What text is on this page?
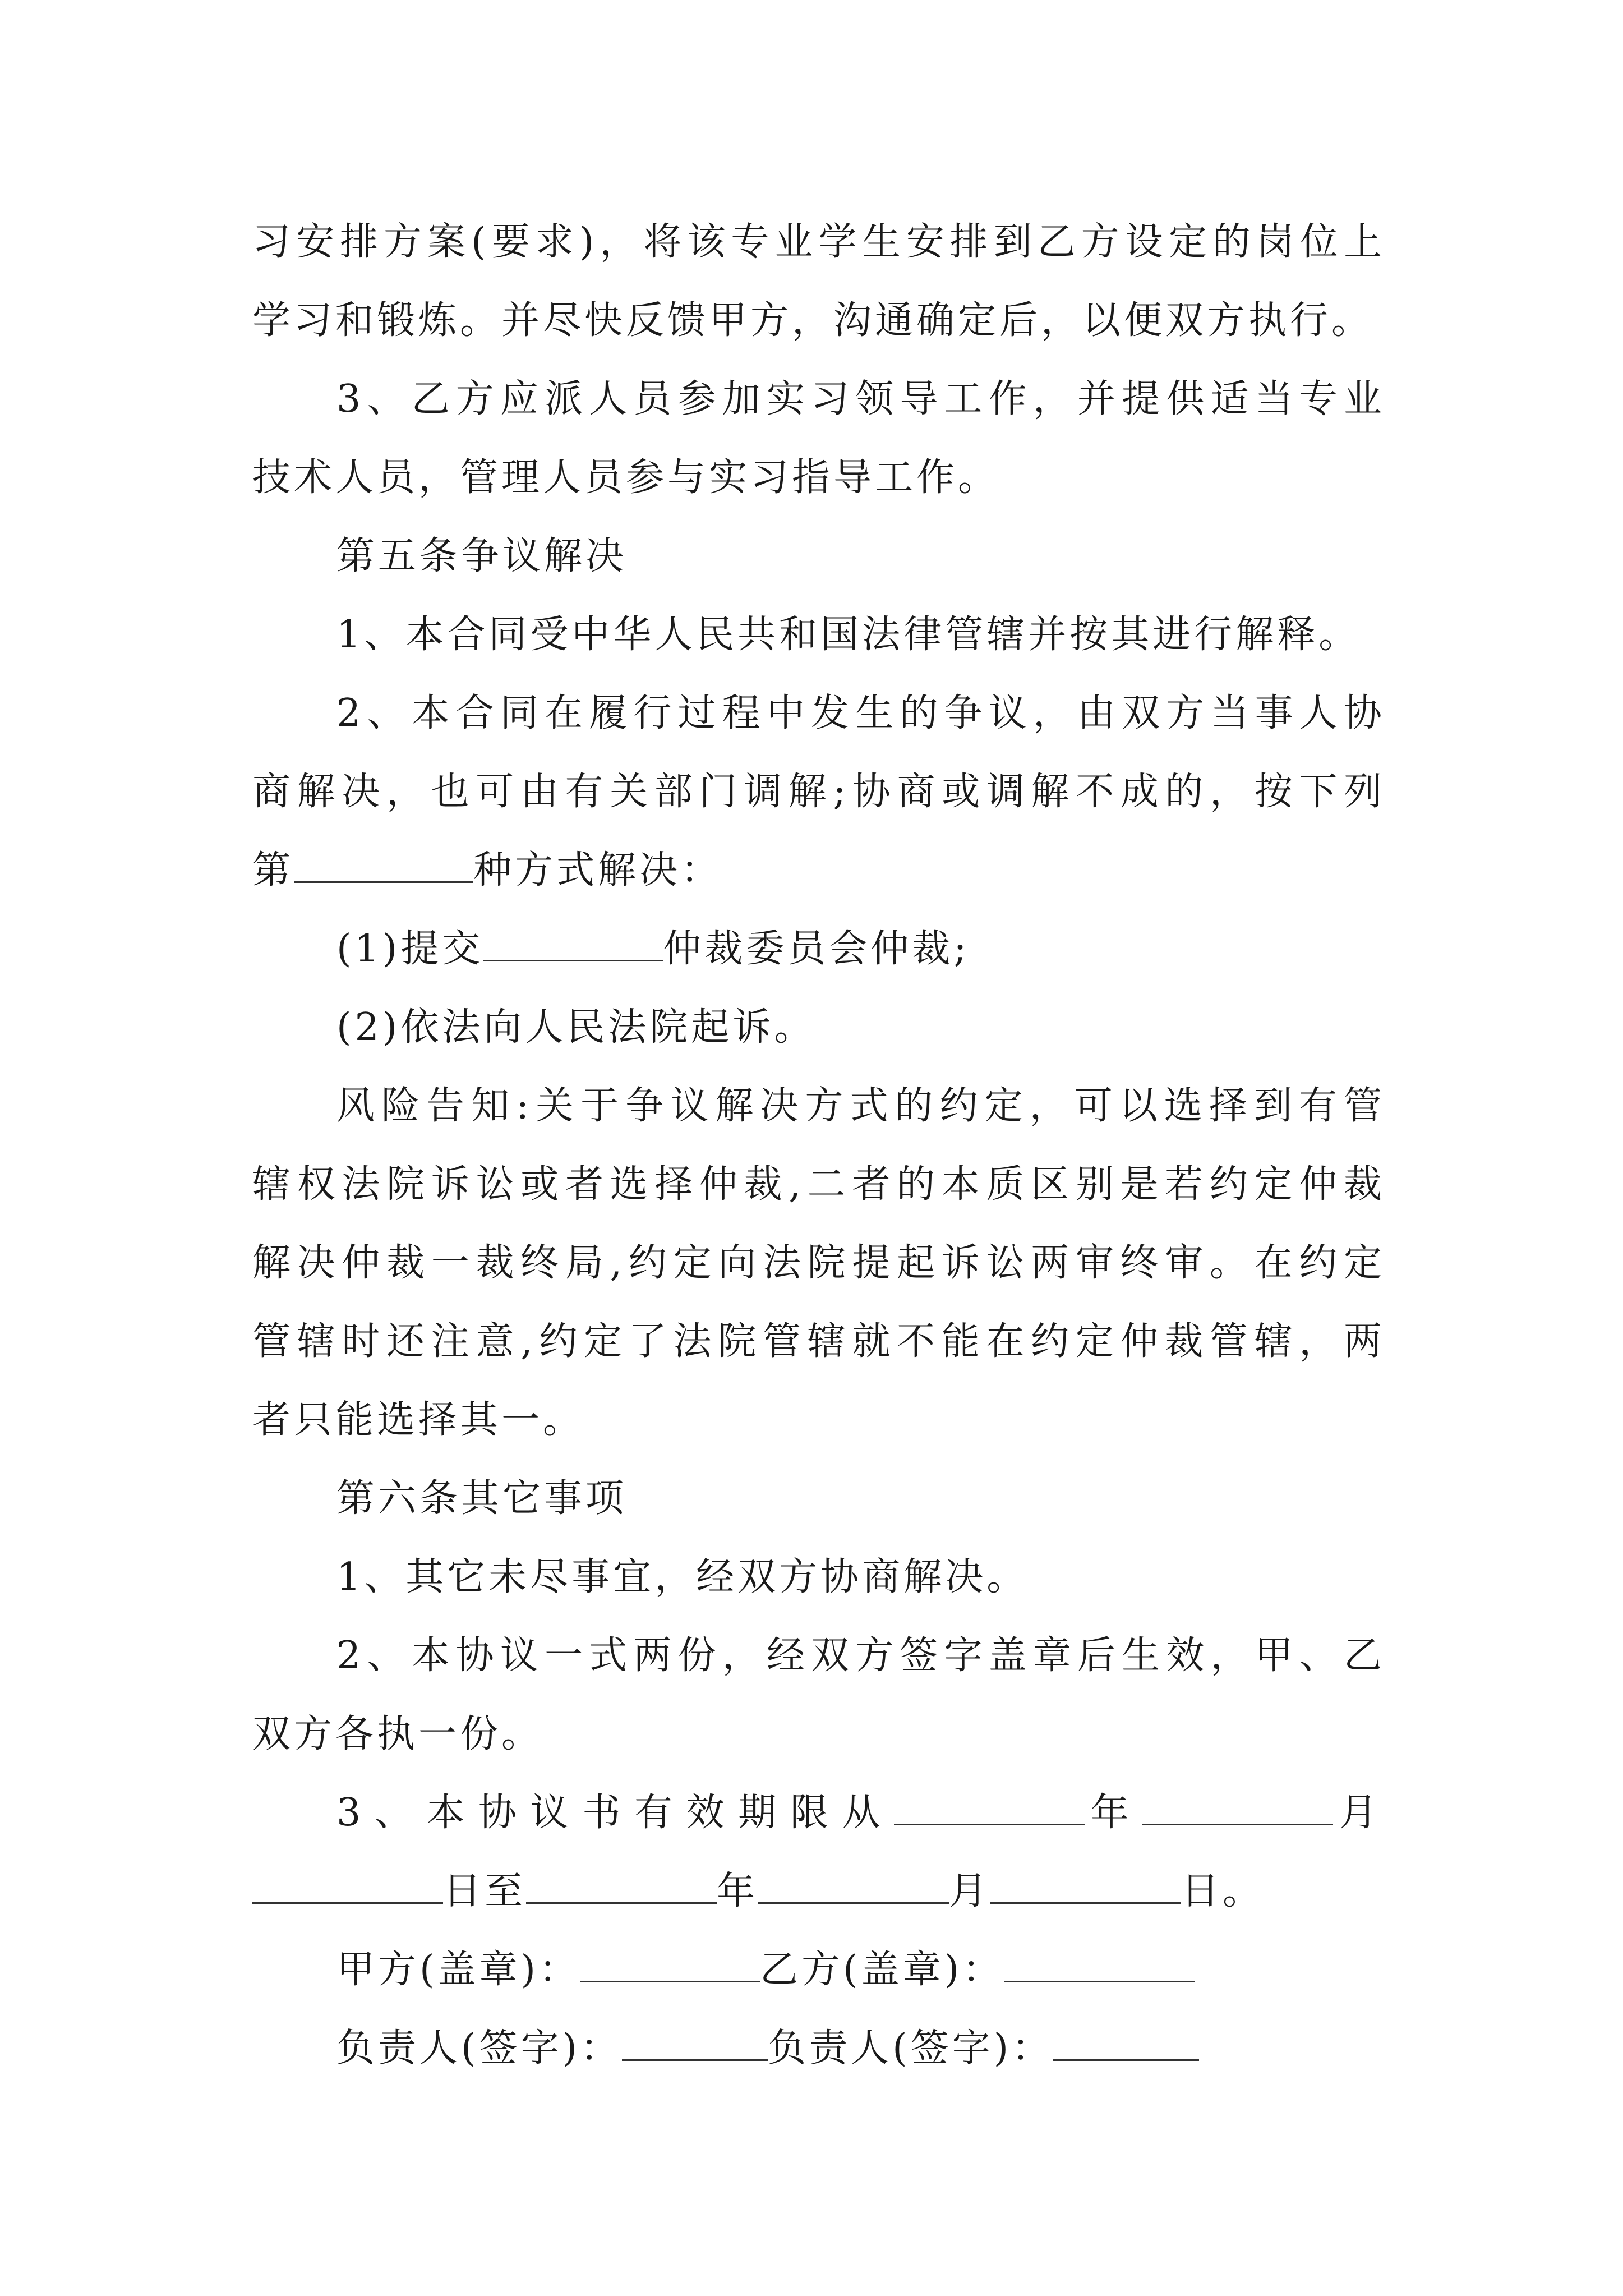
习安排方案(要求)，将该专业学生安排到乙方设定的岗位上
学习和锻炼。并尽快反馈甲方，沟通确定后，以便双方执行。
3、乙方应派人员参加实习领导工作，并提供适当专业
技术人员，管理人员参与实习指导工作。
第五条争议解决
1、本合同受中华人民共和国法律管辖并按其进行解释。
2、本合同在履行过程中发生的争议，由双方当事人协
商解决，也可由有关部门调解;协商或调解不成的，按下列
第	种方式解决：
(1)提交	仲裁委员会仲裁;
(2)依法向人民法院起诉。
风险告知:关于争议解决方式的约定，可以选择到有管
辖权法院诉讼或者选择仲裁,二者的本质区别是若约定仲裁
解决仲裁一裁终局,约定向法院提起诉讼两审终审。在约定
管辖时还注意,约定了法院管辖就不能在约定仲裁管辖，两
者只能选择其一。
第六条其它事项
1、其它未尽事宜，经双方协商解决。
2、本协议一式两份，经双方签字盖章后生效，甲、乙
双方各执一份。
3、本协议书有效期限从	年	月
日至	年	月	日。
甲方(盖章)：	乙方(盖章)：
负责人(签字)：	负责人(签字)：
